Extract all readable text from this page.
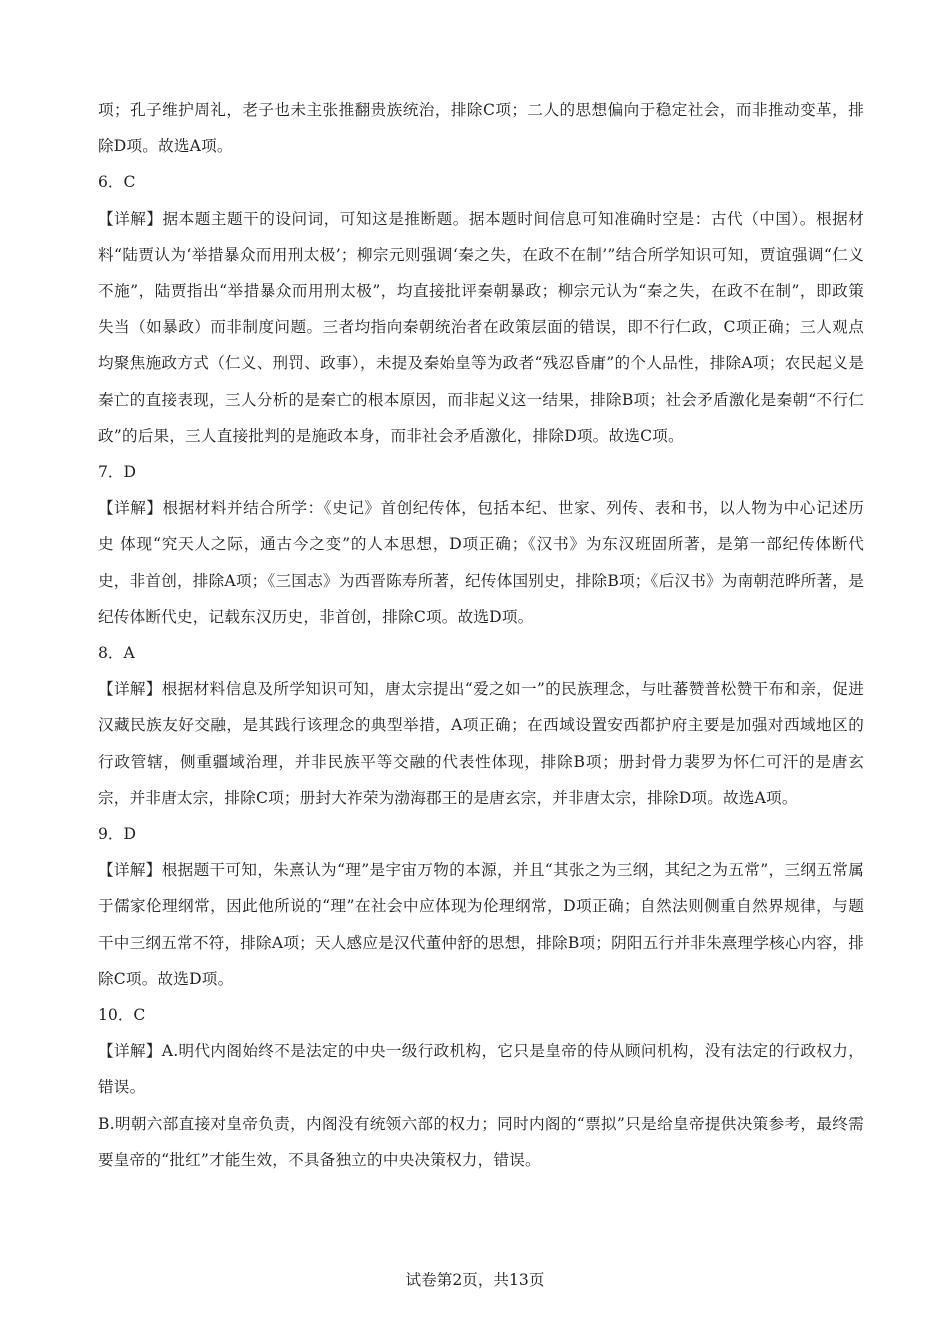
项；孔子维护周礼，老子也未主张推翻贵族统治，排除C项；二人的思想偏向于稳定社会，而非推动变革，排除D项。故选A项。

6．C

【详解】据本题主题干的设问词，可知这是推断题。据本题时间信息可知准确时空是：古代（中国）。根据材料“陆贾认为‘举措暴众而用刑太极’；柳宗元则强调‘秦之失，在政不在制’”结合所学知识可知，贾谊强调“仁义不施”，陆贾指出“举措暴众而用刑太极”，均直接批评秦朝暴政；柳宗元认为“秦之失，在政不在制”，即政策失当（如暴政）而非制度问题。三者均指向秦朝统治者在政策层面的错误，即不行仁政，C项正确；三人观点均聚焦施政方式（仁义、刑罚、政事），未提及秦始皇等为政者“残忍昏庸”的个人品性，排除A项；农民起义是秦亡的直接表现，三人分析的是秦亡的根本原因，而非起义这一结果，排除B项；社会矛盾激化是秦朝“不行仁政”的后果，三人直接批判的是施政本身，而非社会矛盾激化，排除D项。故选C项。

7．D

【详解】根据材料并结合所学：《史记》首创纪传体，包括本纪、世家、列传、表和书，以人物为中心记述历史 体现“究天人之际，通古今之变”的人本思想，D项正确；《汉书》为东汉班固所著，是第一部纪传体断代史，非首创，排除A项；《三国志》为西晋陈寿所著，纪传体国别史，排除B项；《后汉书》为南朝范晔所著，是纪传体断代史，记载东汉历史，非首创，排除C项。故选D项。

8．A

【详解】根据材料信息及所学知识可知，唐太宗提出“爱之如一”的民族理念，与吐蕃赞普松赞干布和亲，促进汉藏民族友好交融，是其践行该理念的典型举措，A项正确；在西域设置安西都护府主要是加强对西域地区的行政管辖，侧重疆域治理，并非民族平等交融的代表性体现，排除B项；册封骨力裴罗为怀仁可汗的是唐玄宗，并非唐太宗，排除C项；册封大祚荣为渤海郡王的是唐玄宗，并非唐太宗，排除D项。故选A项。

9．D

【详解】根据题干可知，朱熹认为“理”是宇宙万物的本源，并且“其张之为三纲，其纪之为五常”，三纲五常属于儒家伦理纲常，因此他所说的“理”在社会中应体现为伦理纲常，D项正确；自然法则侧重自然界规律，与题干中三纲五常不符，排除A项；天人感应是汉代董仲舒的思想，排除B项；阴阳五行并非朱熹理学核心内容，排除C项。故选D项。

10．C

【详解】A.明代内阁始终不是法定的中央一级行政机构，它只是皇帝的侍从顾问机构，没有法定的行政权力，错误。

B.明朝六部直接对皇帝负责，内阁没有统领六部的权力；同时内阁的“票拟”只是给皇帝提供决策参考，最终需要皇帝的“批红”才能生效，不具备独立的中央决策权力，错误。

试卷第2页，共13页
